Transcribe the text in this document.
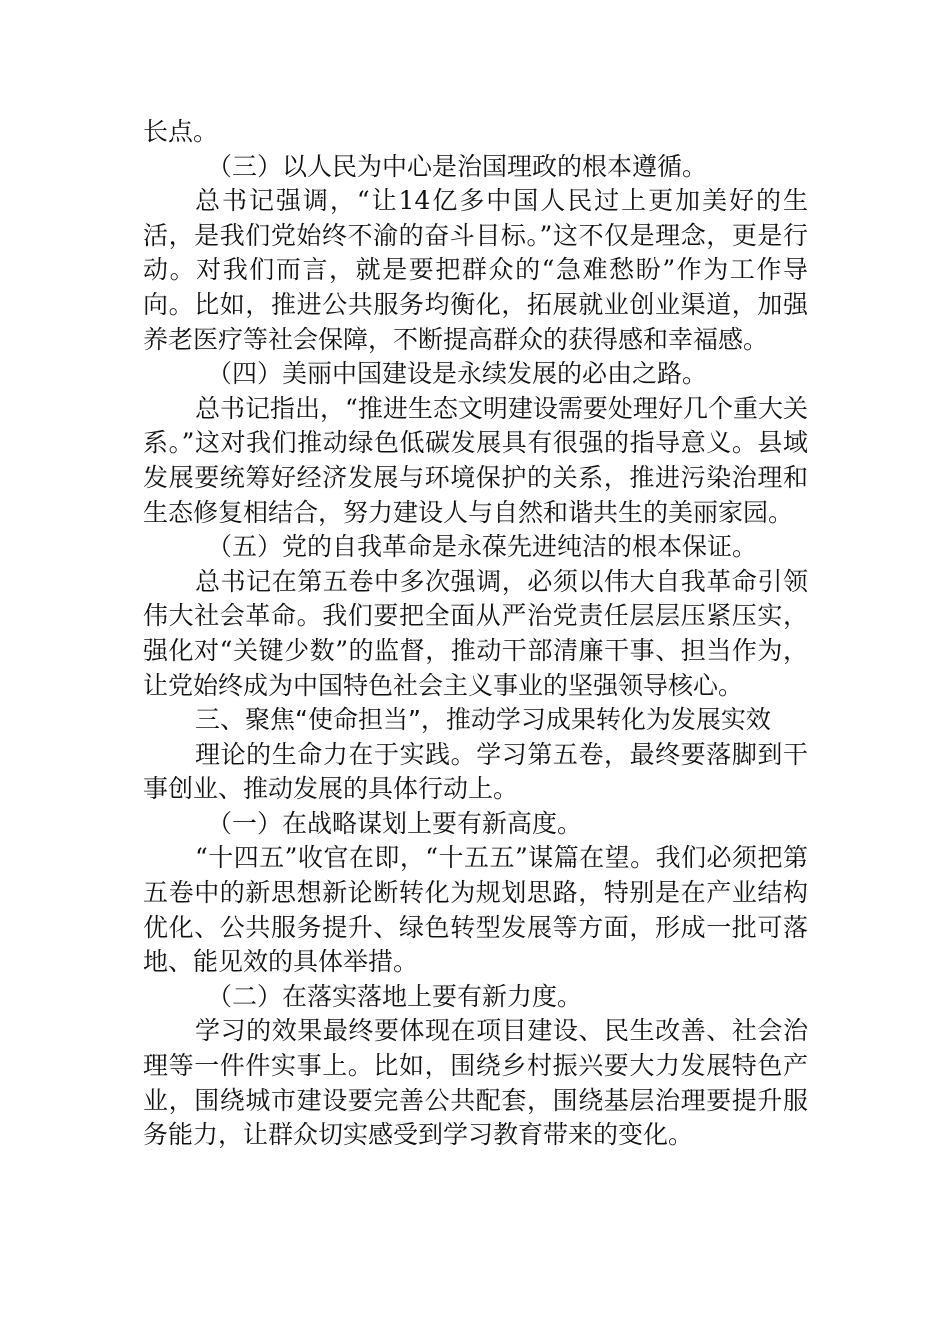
长点。

（三）以人民为中心是治国理政的根本遵循。

总书记强调，“让14亿多中国人民过上更加美好的生活，是我们党始终不渝的奋斗目标。”这不仅是理念，更是行动。对我们而言，就是要把群众的“急难愁盼”作为工作导向。比如，推进公共服务均衡化，拓展就业创业渠道，加强养老医疗等社会保障，不断提高群众的获得感和幸福感。

（四）美丽中国建设是永续发展的必由之路。

总书记指出，“推进生态文明建设需要处理好几个重大关系。”这对我们推动绿色低碳发展具有很强的指导意义。县域发展要统筹好经济发展与环境保护的关系，推进污染治理和生态修复相结合，努力建设人与自然和谐共生的美丽家园。

（五）党的自我革命是永葆先进纯洁的根本保证。

总书记在第五卷中多次强调，必须以伟大自我革命引领伟大社会革命。我们要把全面从严治党责任层层压紧压实，强化对“关键少数”的监督，推动干部清廉干事、担当作为，让党始终成为中国特色社会主义事业的坚强领导核心。

三、聚焦“使命担当”，推动学习成果转化为发展实效

理论的生命力在于实践。学习第五卷，最终要落脚到干事创业、推动发展的具体行动上。

（一）在战略谋划上要有新高度。

“十四五”收官在即，“十五五”谋篇在望。我们必须把第五卷中的新思想新论断转化为规划思路，特别是在产业结构优化、公共服务提升、绿色转型发展等方面，形成一批可落地、能见效的具体举措。

（二）在落实落地上要有新力度。

学习的效果最终要体现在项目建设、民生改善、社会治理等一件件实事上。比如，围绕乡村振兴要大力发展特色产业，围绕城市建设要完善公共配套，围绕基层治理要提升服务能力，让群众切实感受到学习教育带来的变化。
